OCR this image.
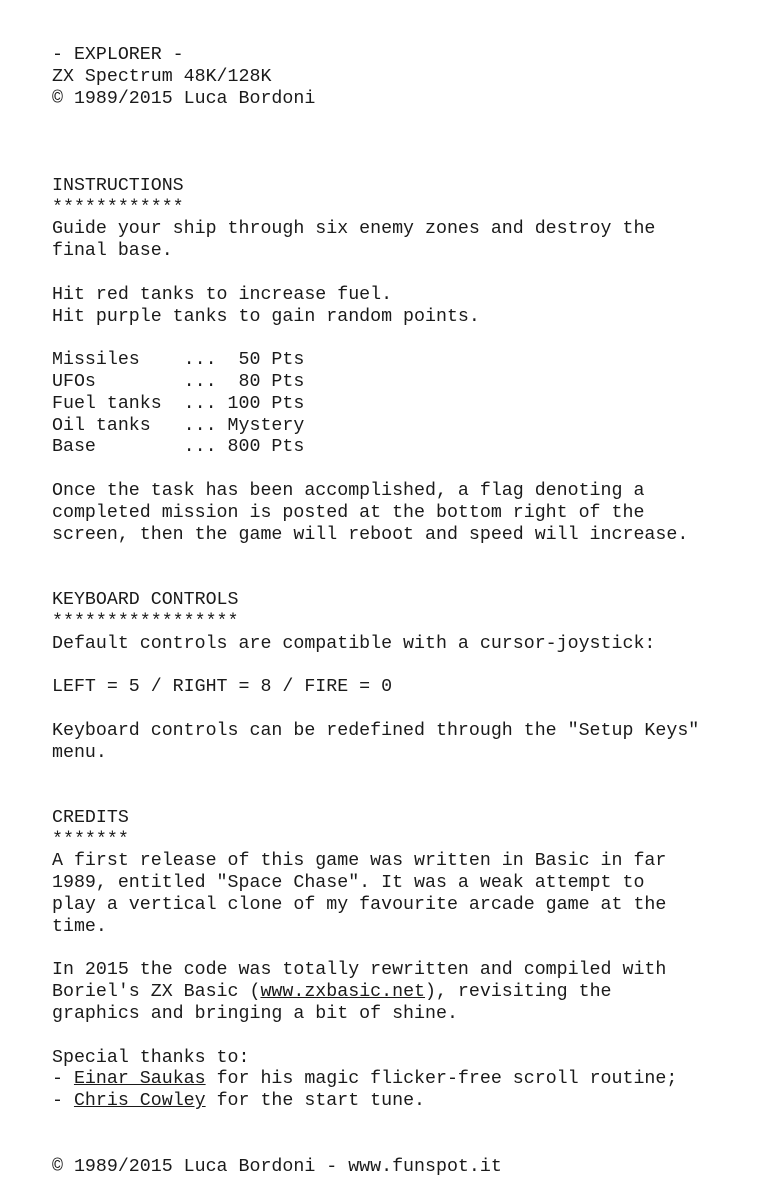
- EXPLORER -
ZX Spectrum 48K/128K
© 1989/2015 Luca Bordoni
INSTRUCTIONS
************
Guide your ship through six enemy zones and destroy the
final base.
Hit red tanks to increase fuel.
Hit purple tanks to gain random points.
Missiles    ...  50 Pts
UFOs        ...  80 Pts
Fuel tanks  ... 100 Pts
Oil tanks   ... Mystery
Base        ... 800 Pts
Once the task has been accomplished, a flag denoting a
completed mission is posted at the bottom right of the
screen, then the game will reboot and speed will increase.
KEYBOARD CONTROLS
*****************
Default controls are compatible with a cursor-joystick:
LEFT = 5 / RIGHT = 8 / FIRE = 0
Keyboard controls can be redefined through the "Setup Keys"
menu.
CREDITS
*******
A first release of this game was written in Basic in far
1989, entitled "Space Chase". It was a weak attempt to
play a vertical clone of my favourite arcade game at the
time.
In 2015 the code was totally rewritten and compiled with
Boriel's ZX Basic (www.zxbasic.net), revisiting the
graphics and bringing a bit of shine.
Special thanks to:
- Einar Saukas for his magic flicker-free scroll routine;
- Chris Cowley for the start tune.
© 1989/2015 Luca Bordoni - www.funspot.it
